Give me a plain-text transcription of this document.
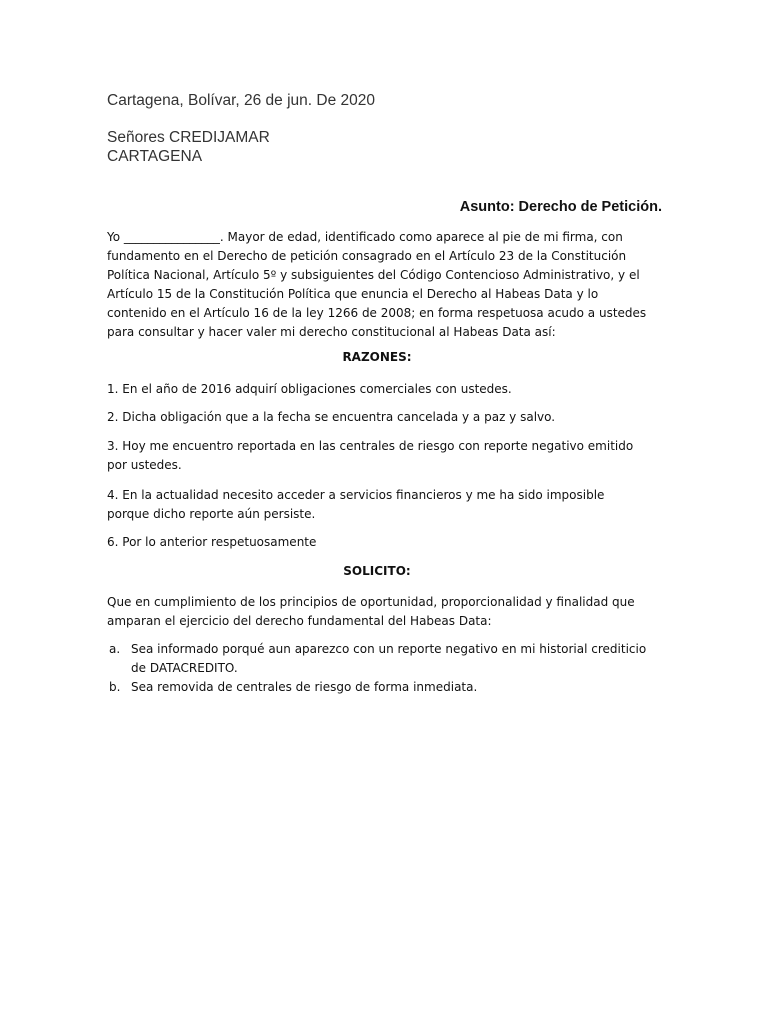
Cartagena, Bolívar, 26 de jun. De 2020
Señores CREDIJAMAR
CARTAGENA
Asunto: Derecho de Petición.

Yo ________________. Mayor de edad, identificado como aparece al pie de mi firma, con fundamento en el Derecho de petición consagrado en el Artículo 23 de la Constitución Política Nacional, Artículo 5º y subsiguientes del Código Contencioso Administrativo, y el Artículo 15 de la Constitución Política que enuncia el Derecho al Habeas Data y lo contenido en el Artículo 16 de la ley 1266 de 2008; en forma respetuosa acudo a ustedes para consultar y hacer valer mi derecho constitucional al Habeas Data así:

RAZONES:

1. En el año de 2016 adquirí obligaciones comerciales con ustedes.

2. Dicha obligación que a la fecha se encuentra cancelada y a paz y salvo.

3. Hoy me encuentro reportada en las centrales de riesgo con reporte negativo emitido por ustedes.

4. En la actualidad necesito acceder a servicios financieros y me ha sido imposible porque dicho reporte aún persiste.

6. Por lo anterior respetuosamente

SOLICITO:

Que en cumplimiento de los principios de oportunidad, proporcionalidad y finalidad que amparan el ejercicio del derecho fundamental del Habeas Data:

a. Sea informado porqué aun aparezco con un reporte negativo en mi historial crediticio de DATACREDITO.
b. Sea removida de centrales de riesgo de forma inmediata.
